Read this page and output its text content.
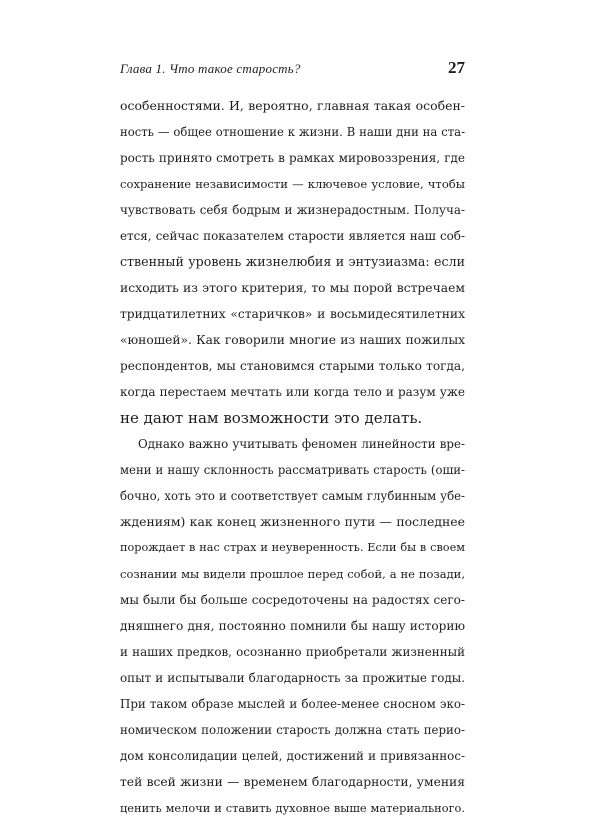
Глава 1. Что такое старость?	27
особенностями. И, вероятно, главная такая особен-
ность — общее отношение к жизни. В наши дни на ста-
рость принято смотреть в рамках мировоззрения, где
сохранение независимости — ключевое условие, чтобы
чувствовать себя бодрым и жизнерадостным. Получа-
ется, сейчас показателем старости является наш соб-
ственный уровень жизнелюбия и энтузиазма: если
исходить из этого критерия, то мы порой встречаем
тридцатилетних «старичков» и восьмидесятилетних
«юношей». Как говорили многие из наших пожилых
респондентов, мы становимся старыми только тогда,
когда перестаем мечтать или когда тело и разум уже
не дают нам возможности это делать.
Однако важно учитывать феномен линейности вре-
мени и нашу склонность рассматривать старость (оши-
бочно, хоть это и соответствует самым глубинным убе-
ждениям) как конец жизненного пути — последнее
порождает в нас страх и неуверенность. Если бы в своем
сознании мы видели прошлое перед собой, а не позади,
мы были бы больше сосредоточены на радостях сего-
дняшнего дня, постоянно помнили бы нашу историю
и наших предков, осознанно приобретали жизненный
опыт и испытывали благодарность за прожитые годы.
При таком образе мыслей и более-менее сносном эко-
номическом положении старость должна стать перио-
дом консолидации целей, достижений и привязаннос-
тей всей жизни — временем благодарности, умения
ценить мелочи и ставить духовное выше материального.
